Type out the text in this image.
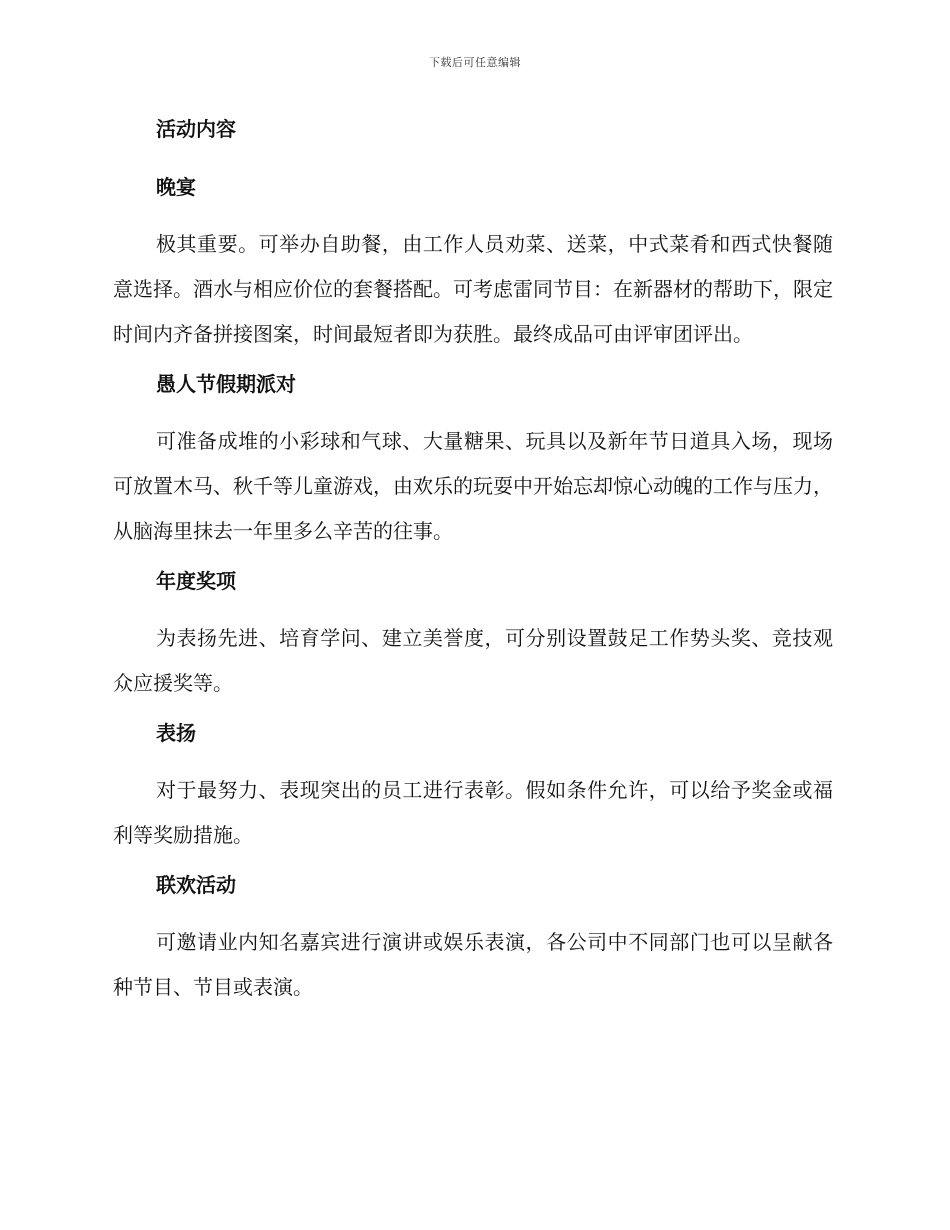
下载后可任意编辑
活动内容
晚宴
极其重要。可举办自助餐，由工作人员劝菜、送菜，中式菜肴和西式快餐随意选择。酒水与相应价位的套餐搭配。可考虑雷同节目：在新器材的帮助下，限定时间内齐备拼接图案，时间最短者即为获胜。最终成品可由评审团评出。
愚人节假期派对
可准备成堆的小彩球和气球、大量糖果、玩具以及新年节日道具入场，现场可放置木马、秋千等儿童游戏，由欢乐的玩耍中开始忘却惊心动魄的工作与压力，从脑海里抹去一年里多么辛苦的往事。
年度奖项
为表扬先进、培育学问、建立美誉度，可分别设置鼓足工作势头奖、竞技观众应援奖等。
表扬
对于最努力、表现突出的员工进行表彰。假如条件允许，可以给予奖金或福利等奖励措施。
联欢活动
可邀请业内知名嘉宾进行演讲或娱乐表演，各公司中不同部门也可以呈献各种节目、节目或表演。
